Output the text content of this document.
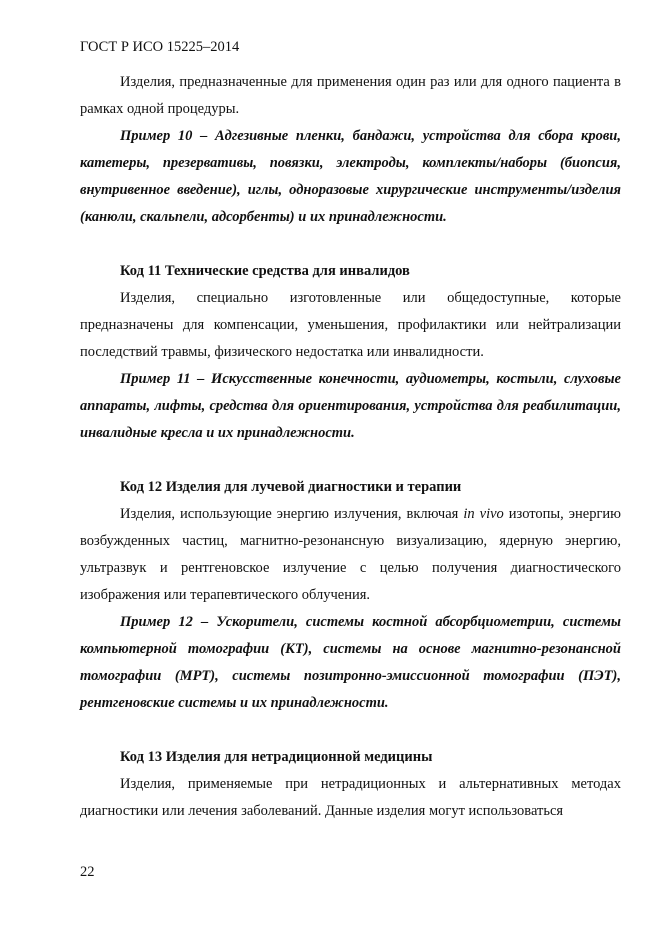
ГОСТ Р ИСО 15225–2014

Изделия, предназначенные для применения один раз или для одного пациента в рамках одной процедуры.

Пример 10 – Адгезивные пленки, бандажи, устройства для сбора крови, катетеры, презервативы, повязки, электроды, комплекты/наборы (биопсия, внутривенное введение), иглы, одноразовые хирургические инструменты/изделия (канюли, скальпели, адсорбенты) и их принадлежности.

Код 11 Технические средства для инвалидов

Изделия, специально изготовленные или общедоступные, которые предназначены для компенсации, уменьшения, профилактики или нейтрализации последствий травмы, физического недостатка или инвалидности.

Пример 11 – Искусственные конечности, аудиометры, костыли, слуховые аппараты, лифты, средства для ориентирования, устройства для реабилитации, инвалидные кресла и их принадлежности.

Код 12 Изделия для лучевой диагностики и терапии

Изделия, использующие энергию излучения, включая in vivo изотопы, энергию возбужденных частиц, магнитно-резонансную визуализацию, ядерную энергию, ультразвук и рентгеновское излучение с целью получения диагностического изображения или терапевтического облучения.

Пример 12 – Ускорители, системы костной абсорбциометрии, системы компьютерной томографии (КТ), системы на основе магнитно-резонансной томографии (МРТ), системы позитронно-эмиссионной томографии (ПЭТ), рентгеновские системы и их принадлежности.

Код 13 Изделия для нетрадиционной медицины

Изделия, применяемые при нетрадиционных и альтернативных методах диагностики или лечения заболеваний. Данные изделия могут использоваться

22
